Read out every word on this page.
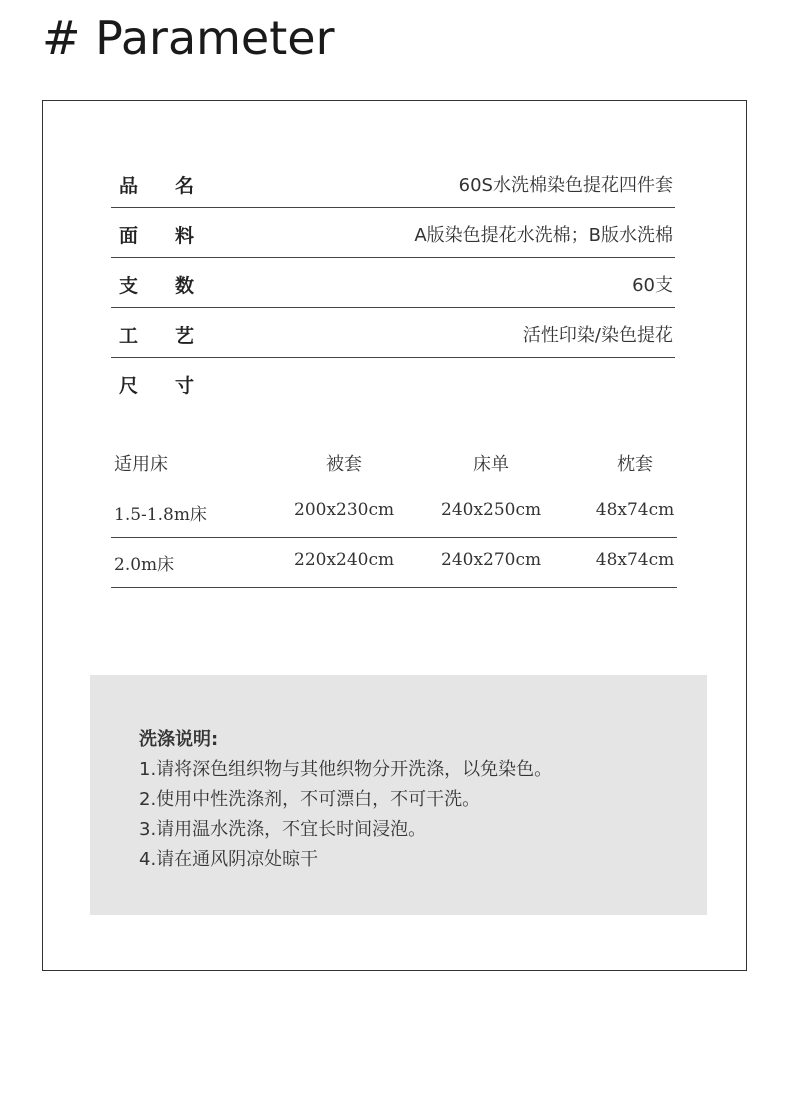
# Parameter
品 名	60S水洗棉染色提花四件套
面 料	A版染色提花水洗棉；B版水洗棉
支 数	60支
工 艺	活性印染/染色提花
尺 寸
适用床	被套	床单	枕套
1.5-1.8m床	200x230cm	240x250cm	48x74cm
2.0m床	220x240cm	240x270cm	48x74cm
洗涤说明:
1.请将深色组织物与其他织物分开洗涤，以免染色。
2.使用中性洗涤剂，不可漂白，不可干洗。
3.请用温水洗涤，不宜长时间浸泡。
4.请在通风阴凉处晾干
